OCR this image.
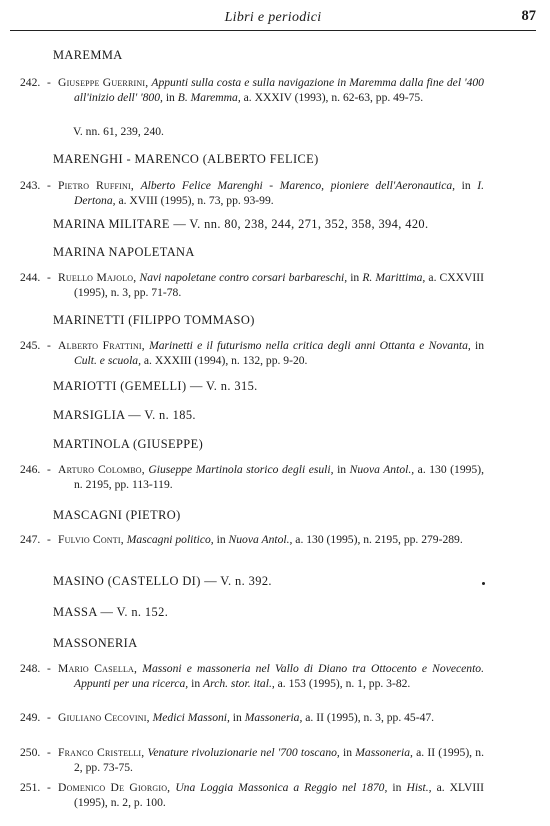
Libri e periodici	87
MAREMMA
242. - Giuseppe Guerrini, Appunti sulla costa e sulla navigazione in Maremma dalla fine del '400 all'inizio dell' '800, in B. Maremma, a. XXXIV (1993), n. 62-63, pp. 49-75.
V. nn. 61, 239, 240.
MARENGHI - MARENCO (ALBERTO FELICE)
243. - Pietro Ruffini, Alberto Felice Marenghi - Marenco, pioniere dell'Aeronautica, in I. Dertona, a. XVIII (1995), n. 73, pp. 93-99.
MARINA MILITARE — V. nn. 80, 238, 244, 271, 352, 358, 394, 420.
MARINA NAPOLETANA
244. - Ruello Majolo, Navi napoletane contro corsari barbareschi, in R. Marittima, a. CXXVIII (1995), n. 3, pp. 71-78.
MARINETTI (FILIPPO TOMMASO)
245. - Alberto Frattini, Marinetti e il futurismo nella critica degli anni Ottanta e Novanta, in Cult. e scuola, a. XXXIII (1994), n. 132, pp. 9-20.
MARIOTTI (GEMELLI) — V. n. 315.
MARSIGLIA — V. n. 185.
MARTINOLA (GIUSEPPE)
246. - Arturo Colombo, Giuseppe Martinola storico degli esuli, in Nuova Antol., a. 130 (1995), n. 2195, pp. 113-119.
MASCAGNI (PIETRO)
247. - Fulvio Conti, Mascagni politico, in Nuova Antol., a. 130 (1995), n. 2195, pp. 279-289.
MASINO (CASTELLO DI) — V. n. 392.
MASSA — V. n. 152.
MASSONERIA
248. - Mario Casella, Massoni e massoneria nel Vallo di Diano tra Ottocento e Novecento. Appunti per una ricerca, in Arch. stor. ital., a. 153 (1995), n. 1, pp. 3-82.
249. - Giuliano Cecovini, Medici Massoni, in Massoneria, a. II (1995), n. 3, pp. 45-47.
250. - Franco Cristelli, Venature rivoluzionarie nel '700 toscano, in Massoneria, a. II (1995), n. 2, pp. 73-75.
251. - Domenico De Giorgio, Una Loggia Massonica a Reggio nel 1870, in Hist., a. XLVIII (1995), n. 2, p. 100.
